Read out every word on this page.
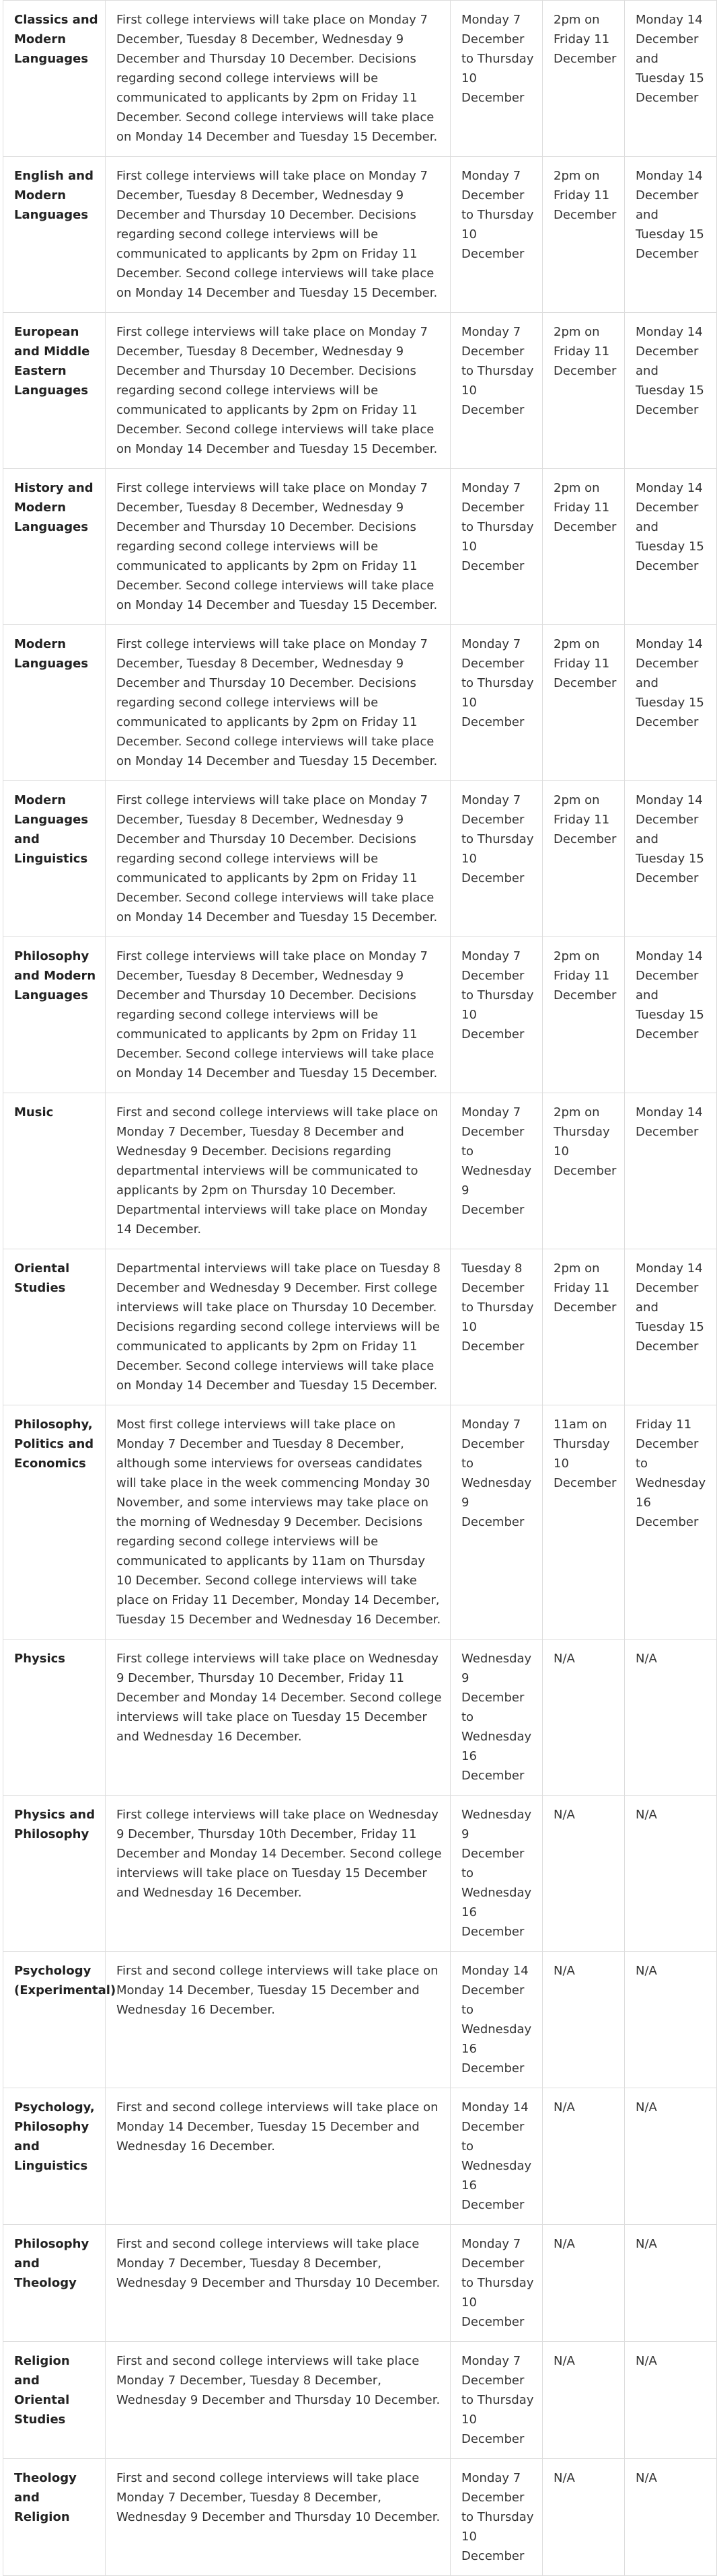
Classics and Modern Languages	First college interviews will take place on Monday 7 December, Tuesday 8 December, Wednesday 9 December and Thursday 10 December. Decisions regarding second college interviews will be communicated to applicants by 2pm on Friday 11 December. Second college interviews will take place on Monday 14 December and Tuesday 15 December.	Monday 7 December to Thursday 10 December	2pm on Friday 11 December	Monday 14 December and Tuesday 15 December
English and Modern Languages	First college interviews will take place on Monday 7 December, Tuesday 8 December, Wednesday 9 December and Thursday 10 December. Decisions regarding second college interviews will be communicated to applicants by 2pm on Friday 11 December. Second college interviews will take place on Monday 14 December and Tuesday 15 December.	Monday 7 December to Thursday 10 December	2pm on Friday 11 December	Monday 14 December and Tuesday 15 December
European and Middle Eastern Languages	First college interviews will take place on Monday 7 December, Tuesday 8 December, Wednesday 9 December and Thursday 10 December. Decisions regarding second college interviews will be communicated to applicants by 2pm on Friday 11 December. Second college interviews will take place on Monday 14 December and Tuesday 15 December.	Monday 7 December to Thursday 10 December	2pm on Friday 11 December	Monday 14 December and Tuesday 15 December
History and Modern Languages	First college interviews will take place on Monday 7 December, Tuesday 8 December, Wednesday 9 December and Thursday 10 December. Decisions regarding second college interviews will be communicated to applicants by 2pm on Friday 11 December. Second college interviews will take place on Monday 14 December and Tuesday 15 December.	Monday 7 December to Thursday 10 December	2pm on Friday 11 December	Monday 14 December and Tuesday 15 December
Modern Languages	First college interviews will take place on Monday 7 December, Tuesday 8 December, Wednesday 9 December and Thursday 10 December. Decisions regarding second college interviews will be communicated to applicants by 2pm on Friday 11 December. Second college interviews will take place on Monday 14 December and Tuesday 15 December.	Monday 7 December to Thursday 10 December	2pm on Friday 11 December	Monday 14 December and Tuesday 15 December
Modern Languages and Linguistics	First college interviews will take place on Monday 7 December, Tuesday 8 December, Wednesday 9 December and Thursday 10 December. Decisions regarding second college interviews will be communicated to applicants by 2pm on Friday 11 December. Second college interviews will take place on Monday 14 December and Tuesday 15 December.	Monday 7 December to Thursday 10 December	2pm on Friday 11 December	Monday 14 December and Tuesday 15 December
Philosophy and Modern Languages	First college interviews will take place on Monday 7 December, Tuesday 8 December, Wednesday 9 December and Thursday 10 December. Decisions regarding second college interviews will be communicated to applicants by 2pm on Friday 11 December. Second college interviews will take place on Monday 14 December and Tuesday 15 December.	Monday 7 December to Thursday 10 December	2pm on Friday 11 December	Monday 14 December and Tuesday 15 December
Music	First and second college interviews will take place on Monday 7 December, Tuesday 8 December and Wednesday 9 December. Decisions regarding departmental interviews will be communicated to applicants by 2pm on Thursday 10 December. Departmental interviews will take place on Monday 14 December.	Monday 7 December to Wednesday 9 December	2pm on Thursday 10 December	Monday 14 December
Oriental Studies	Departmental interviews will take place on Tuesday 8 December and Wednesday 9 December. First college interviews will take place on Thursday 10 December. Decisions regarding second college interviews will be communicated to applicants by 2pm on Friday 11 December. Second college interviews will take place on Monday 14 December and Tuesday 15 December.	Tuesday 8 December to Thursday 10 December	2pm on Friday 11 December	Monday 14 December and Tuesday 15 December
Philosophy, Politics and Economics	Most first college interviews will take place on Monday 7 December and Tuesday 8 December, although some interviews for overseas candidates will take place in the week commencing Monday 30 November, and some interviews may take place on the morning of Wednesday 9 December. Decisions regarding second college interviews will be communicated to applicants by 11am on Thursday 10 December. Second college interviews will take place on Friday 11 December, Monday 14 December, Tuesday 15 December and Wednesday 16 December.	Monday 7 December to Wednesday 9 December	11am on Thursday 10 December	Friday 11 December to Wednesday 16 December
Physics	First college interviews will take place on Wednesday 9 December, Thursday 10 December, Friday 11 December and Monday 14 December. Second college interviews will take place on Tuesday 15 December and Wednesday 16 December.	Wednesday 9 December to Wednesday 16 December	N/A	N/A
Physics and Philosophy	First college interviews will take place on Wednesday 9 December, Thursday 10th December, Friday 11 December and Monday 14 December. Second college interviews will take place on Tuesday 15 December and Wednesday 16 December.	Wednesday 9 December to Wednesday 16 December	N/A	N/A
Psychology (Experimental)	First and second college interviews will take place on Monday 14 December, Tuesday 15 December and Wednesday 16 December.	Monday 14 December to Wednesday 16 December	N/A	N/A
Psychology, Philosophy and Linguistics	First and second college interviews will take place on Monday 14 December, Tuesday 15 December and Wednesday 16 December.	Monday 14 December to Wednesday 16 December	N/A	N/A
Philosophy and Theology	First and second college interviews will take place Monday 7 December, Tuesday 8 December, Wednesday 9 December and Thursday 10 December.	Monday 7 December to Thursday 10 December	N/A	N/A
Religion and Oriental Studies	First and second college interviews will take place Monday 7 December, Tuesday 8 December, Wednesday 9 December and Thursday 10 December.	Monday 7 December to Thursday 10 December	N/A	N/A
Theology and Religion	First and second college interviews will take place Monday 7 December, Tuesday 8 December, Wednesday 9 December and Thursday 10 December.	Monday 7 December to Thursday 10 December	N/A	N/A
